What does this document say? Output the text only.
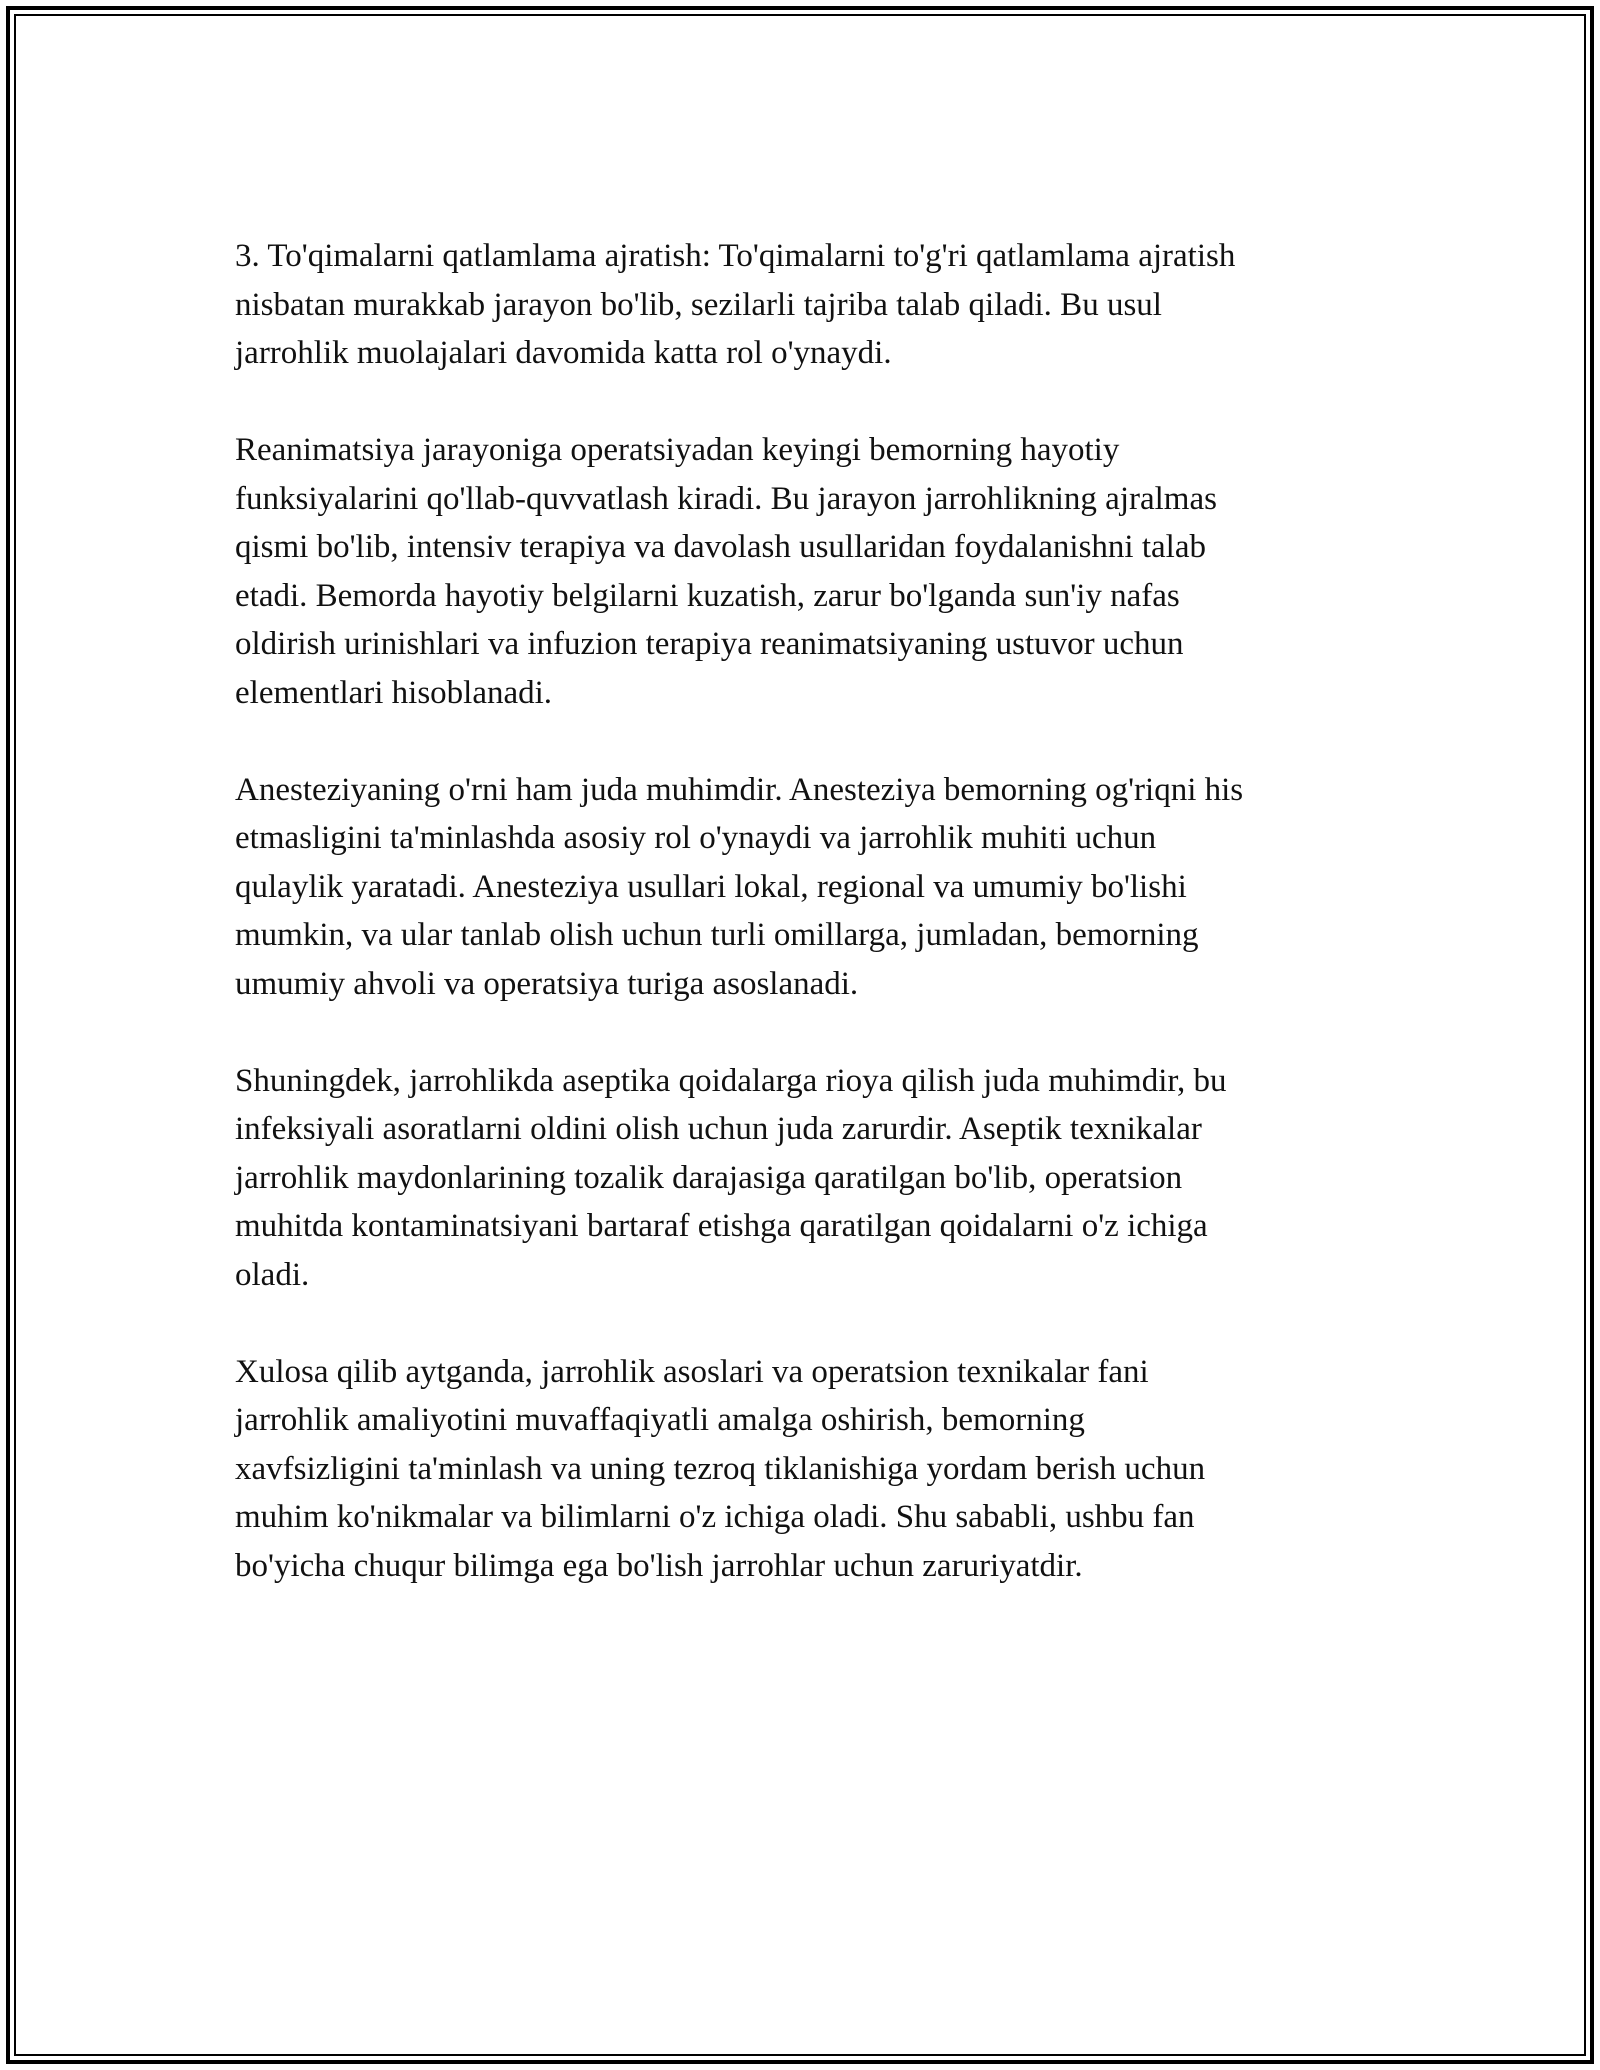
3. To'qimalarni qatlamlama ajratish: To'qimalarni to'g'ri qatlamlama ajratish
nisbatan murakkab jarayon bo'lib, sezilarli tajriba talab qiladi. Bu usul
jarrohlik muolajalari davomida katta rol o'ynaydi.

Reanimatsiya jarayoniga operatsiyadan keyingi bemorning hayotiy
funksiyalarini qo'llab-quvvatlash kiradi. Bu jarayon jarrohlikning ajralmas
qismi bo'lib, intensiv terapiya va davolash usullaridan foydalanishni talab
etadi. Bemorda hayotiy belgilarni kuzatish, zarur bo'lganda sun'iy nafas
oldirish urinishlari va infuzion terapiya reanimatsiyaning ustuvor uchun
elementlari hisoblanadi.

Anesteziyaning o'rni ham juda muhimdir. Anesteziya bemorning og'riqni his
etmasligini ta'minlashda asosiy rol o'ynaydi va jarrohlik muhiti uchun
qulaylik yaratadi. Anesteziya usullari lokal, regional va umumiy bo'lishi
mumkin, va ular tanlab olish uchun turli omillarga, jumladan, bemorning
umumiy ahvoli va operatsiya turiga asoslanadi.

Shuningdek, jarrohlikda aseptika qoidalarga rioya qilish juda muhimdir, bu
infeksiyali asoratlarni oldini olish uchun juda zarurdir. Aseptik texnikalar
jarrohlik maydonlarining tozalik darajasiga qaratilgan bo'lib, operatsion
muhitda kontaminatsiyani bartaraf etishga qaratilgan qoidalarni o'z ichiga
oladi.

Xulosa qilib aytganda, jarrohlik asoslari va operatsion texnikalar fani
jarrohlik amaliyotini muvaffaqiyatli amalga oshirish, bemorning
xavfsizligini ta'minlash va uning tezroq tiklanishiga yordam berish uchun
muhim ko'nikmalar va bilimlarni o'z ichiga oladi. Shu sababli, ushbu fan
bo'yicha chuqur bilimga ega bo'lish jarrohlar uchun zaruriyatdir.
